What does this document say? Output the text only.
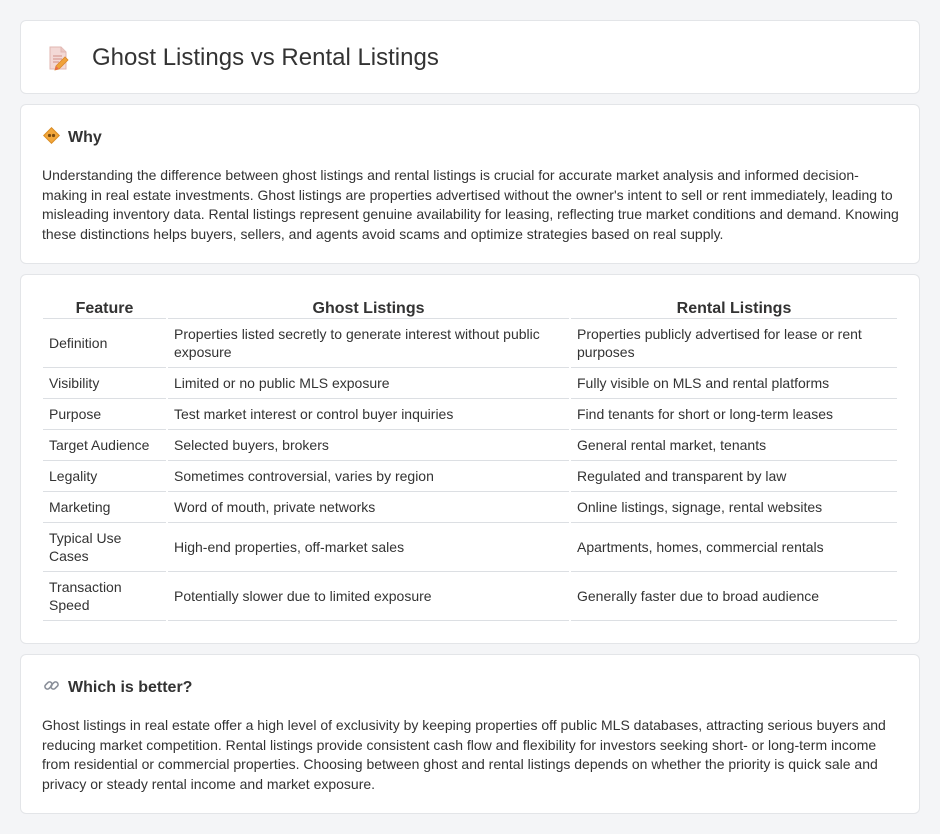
Ghost Listings vs Rental Listings
Why

Understanding the difference between ghost listings and rental listings is crucial for accurate market analysis and informed decision-making in real estate investments. Ghost listings are properties advertised without the owner's intent to sell or rent immediately, leading to misleading inventory data. Rental listings represent genuine availability for leasing, reflecting true market conditions and demand. Knowing these distinctions helps buyers, sellers, and agents avoid scams and optimize strategies based on real supply.

Feature	Ghost Listings	Rental Listings
Definition	Properties listed secretly to generate interest without public exposure	Properties publicly advertised for lease or rent purposes
Visibility	Limited or no public MLS exposure	Fully visible on MLS and rental platforms
Purpose	Test market interest or control buyer inquiries	Find tenants for short or long-term leases
Target Audience	Selected buyers, brokers	General rental market, tenants
Legality	Sometimes controversial, varies by region	Regulated and transparent by law
Marketing	Word of mouth, private networks	Online listings, signage, rental websites
Typical Use Cases	High-end properties, off-market sales	Apartments, homes, commercial rentals
Transaction Speed	Potentially slower due to limited exposure	Generally faster due to broad audience
Which is better?

Ghost listings in real estate offer a high level of exclusivity by keeping properties off public MLS databases, attracting serious buyers and reducing market competition. Rental listings provide consistent cash flow and flexibility for investors seeking short- or long-term income from residential or commercial properties. Choosing between ghost and rental listings depends on whether the priority is quick sale and privacy or steady rental income and market exposure.
